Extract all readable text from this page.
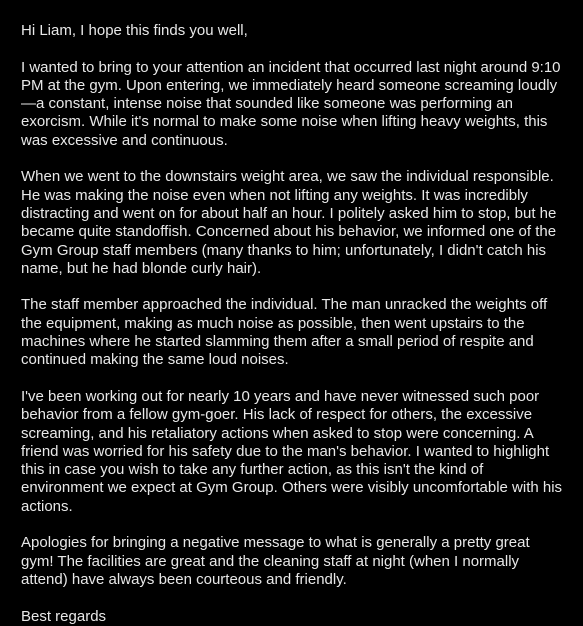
Hi Liam, I hope this finds you well,

I wanted to bring to your attention an incident that occurred last night around 9:10
PM at the gym. Upon entering, we immediately heard someone screaming loudly
—a constant, intense noise that sounded like someone was performing an
exorcism. While it's normal to make some noise when lifting heavy weights, this
was excessive and continuous.

When we went to the downstairs weight area, we saw the individual responsible.
He was making the noise even when not lifting any weights. It was incredibly
distracting and went on for about half an hour. I politely asked him to stop, but he
became quite standoffish. Concerned about his behavior, we informed one of the
Gym Group staff members (many thanks to him; unfortunately, I didn't catch his
name, but he had blonde curly hair).

The staff member approached the individual. The man unracked the weights off
the equipment, making as much noise as possible, then went upstairs to the
machines where he started slamming them after a small period of respite and
continued making the same loud noises.

I've been working out for nearly 10 years and have never witnessed such poor
behavior from a fellow gym-goer. His lack of respect for others, the excessive
screaming, and his retaliatory actions when asked to stop were concerning. A
friend was worried for his safety due to the man's behavior. I wanted to highlight
this in case you wish to take any further action, as this isn't the kind of
environment we expect at Gym Group. Others were visibly uncomfortable with his
actions.

Apologies for bringing a negative message to what is generally a pretty great
gym! The facilities are great and the cleaning staff at night (when I normally
attend) have always been courteous and friendly.

Best regards
